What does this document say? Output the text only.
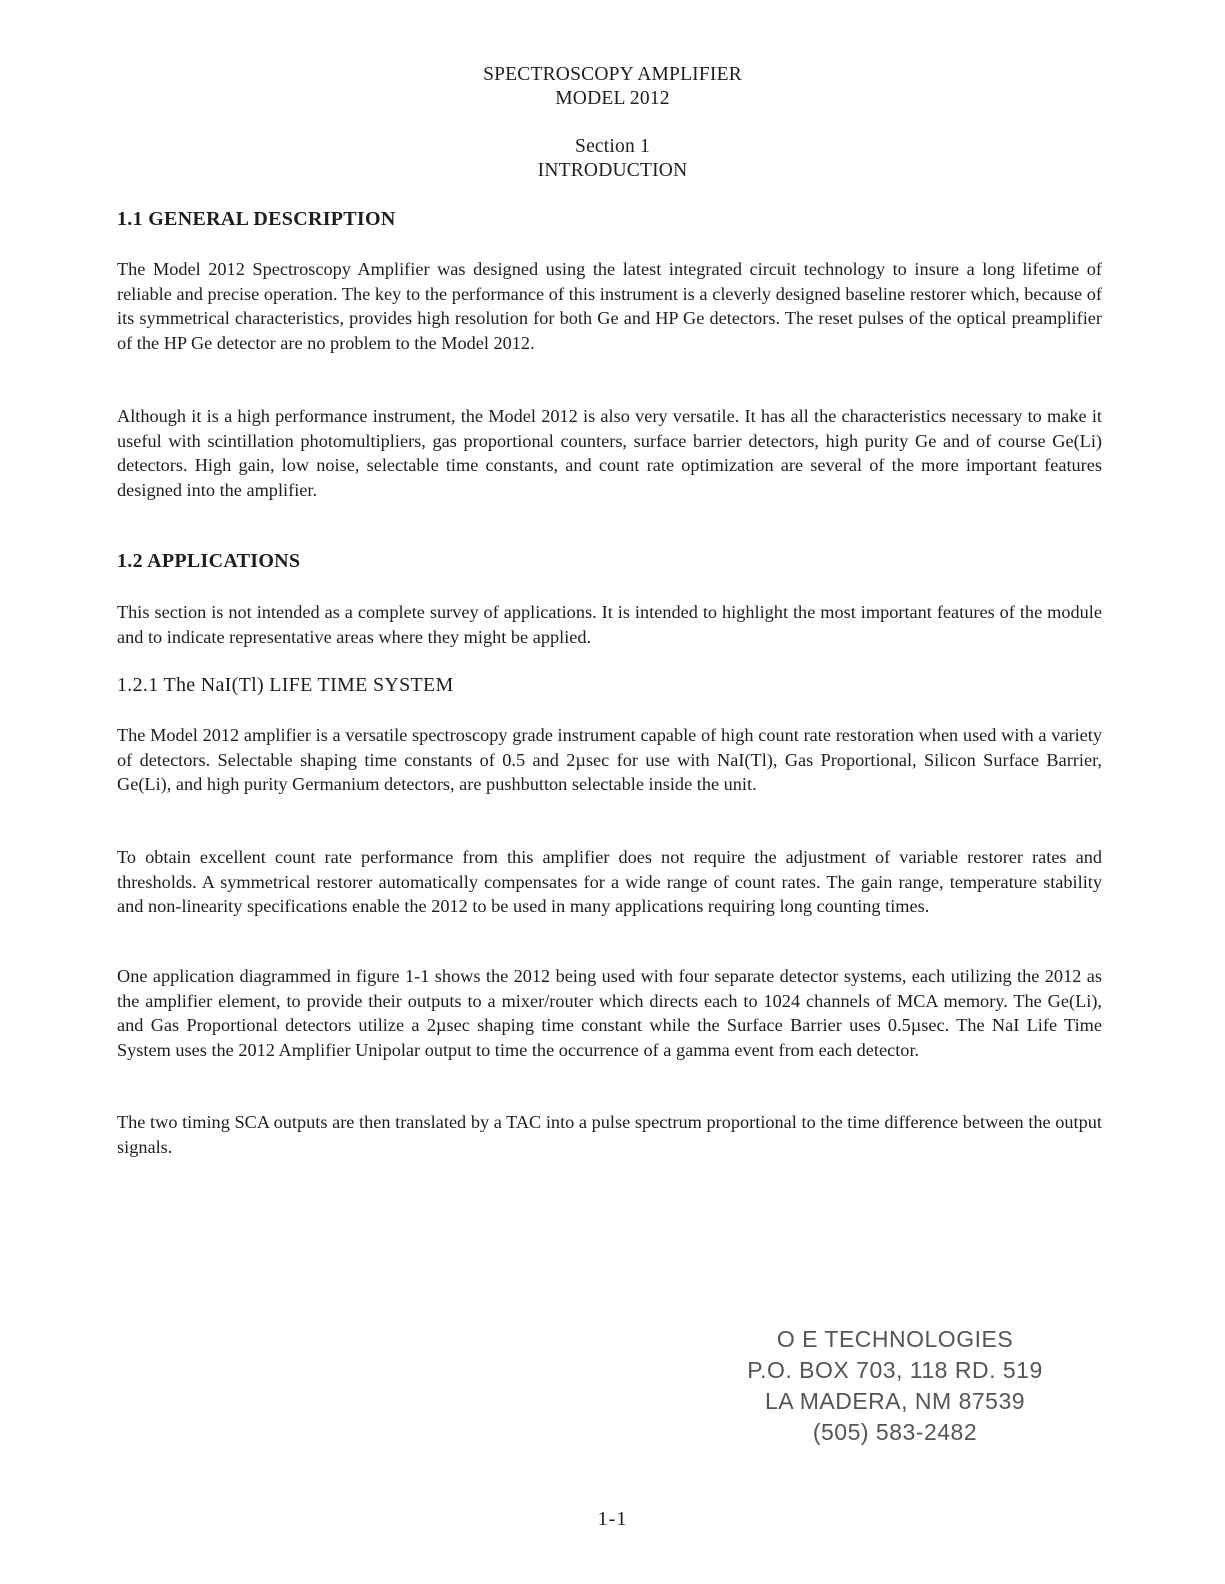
SPECTROSCOPY AMPLIFIER
MODEL 2012
Section 1
INTRODUCTION
1.1 GENERAL DESCRIPTION

The Model 2012 Spectroscopy Amplifier was designed using the latest integrated circuit technology to insure a long lifetime of reliable and precise operation. The key to the performance of this instrument is a cleverly designed baseline restorer which, because of its symmetrical characteristics, provides high resolution for both Ge and HP Ge detectors. The reset pulses of the optical preamplifier of the HP Ge detector are no problem to the Model 2012.

Although it is a high performance instrument, the Model 2012 is also very versatile. It has all the characteristics necessary to make it useful with scintillation photomultipliers, gas proportional counters, surface barrier detectors, high purity Ge and of course Ge(Li) detectors. High gain, low noise, selectable time constants, and count rate optimization are several of the more important features designed into the amplifier.

1.2 APPLICATIONS

This section is not intended as a complete survey of applications. It is intended to highlight the most important features of the module and to indicate representative areas where they might be applied.

1.2.1 The NaI(Tl) LIFE TIME SYSTEM

The Model 2012 amplifier is a versatile spectroscopy grade instrument capable of high count rate restoration when used with a variety of detectors. Selectable shaping time constants of 0.5 and 2µsec for use with NaI(Tl), Gas Proportional, Silicon Surface Barrier, Ge(Li), and high purity Germanium detectors, are pushbutton selectable inside the unit.

To obtain excellent count rate performance from this amplifier does not require the adjustment of variable restorer rates and thresholds. A symmetrical restorer automatically compensates for a wide range of count rates. The gain range, temperature stability and non-linearity specifications enable the 2012 to be used in many applications requiring long counting times.

One application diagrammed in figure 1-1 shows the 2012 being used with four separate detector systems, each utilizing the 2012 as the amplifier element, to provide their outputs to a mixer/router which directs each to 1024 channels of MCA memory. The Ge(Li), and Gas Proportional detectors utilize a 2µsec shaping time constant while the Surface Barrier uses 0.5µsec. The NaI Life Time System uses the 2012 Amplifier Unipolar output to time the occurrence of a gamma event from each detector.

The two timing SCA outputs are then translated by a TAC into a pulse spectrum proportional to the time difference between the output signals.

O E TECHNOLOGIES
P.O. BOX 703, 118 RD. 519
LA MADERA, NM 87539
(505) 583-2482
1-1
